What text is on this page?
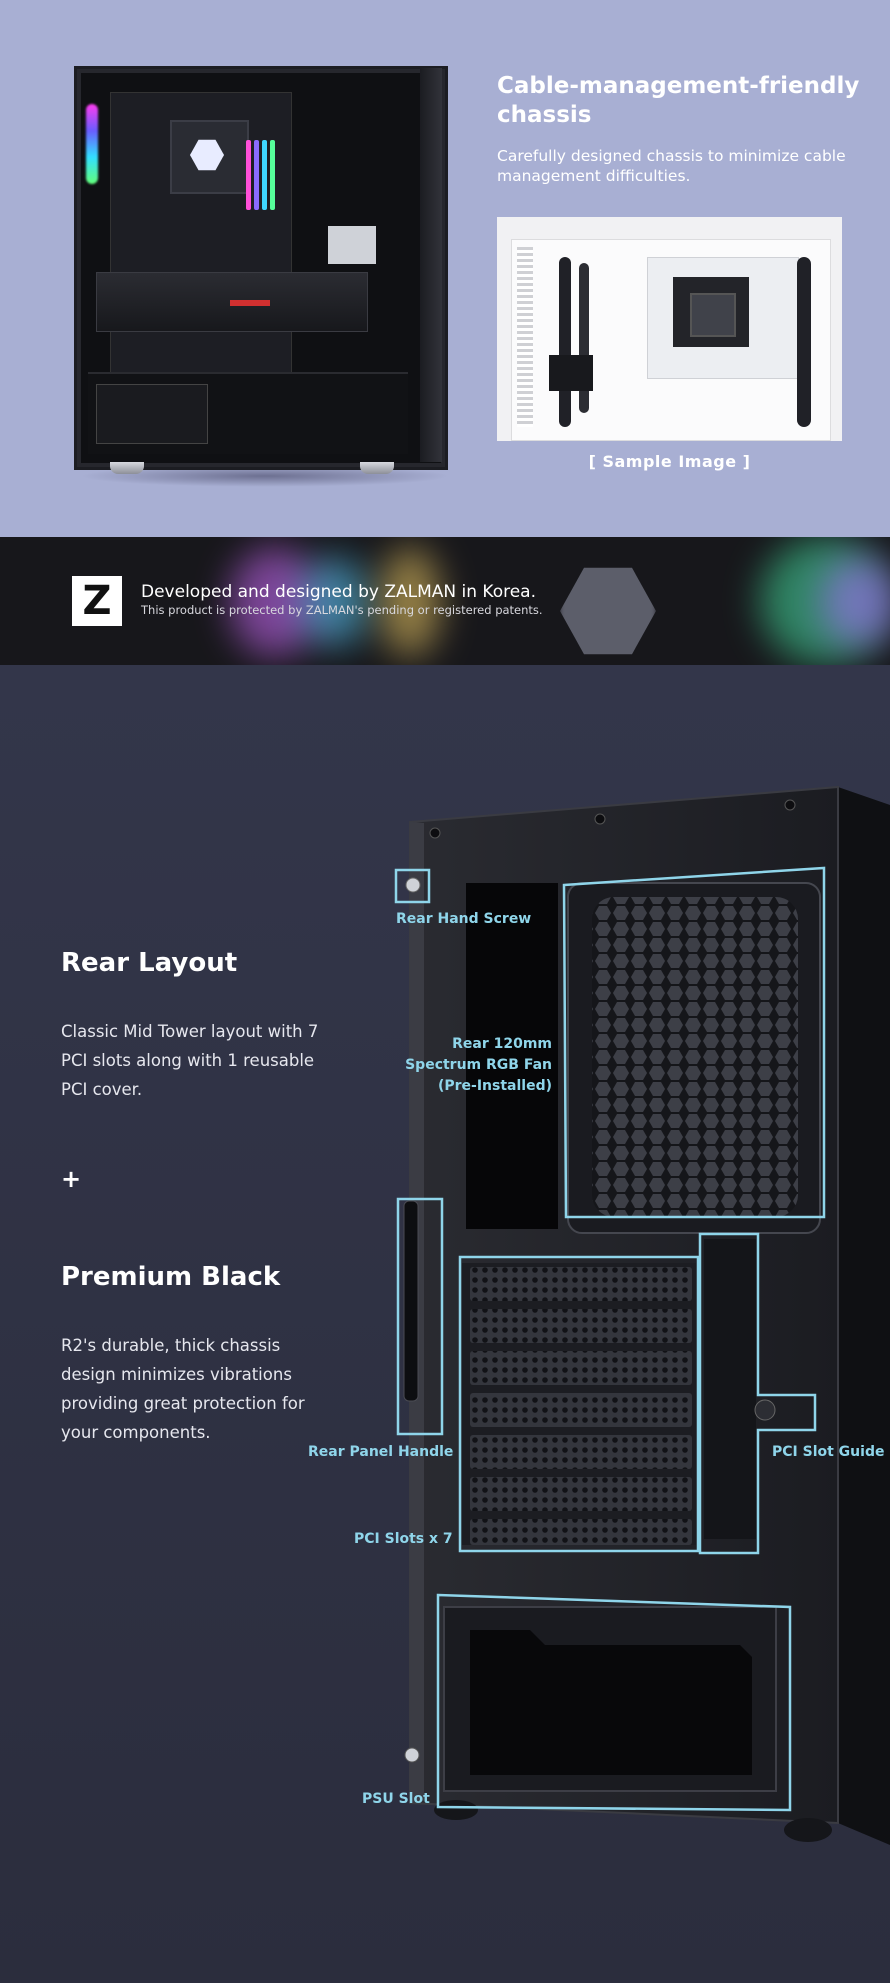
Cable-management-friendly chassis
Carefully designed chassis to minimize cable management difficulties.
[ Sample Image ]
Z	Developed and designed by ZALMAN in Korea.
This product is protected by ZALMAN's pending or registered patents.
Rear Layout
Classic Mid Tower layout with 7 PCI slots along with 1 reusable PCI cover.
+
Premium Black
R2's durable, thick chassis design minimizes vibrations providing great protection for your components.
Rear Hand Screw
Rear 120mm Spectrum RGB Fan (Pre-Installed)
Rear Panel Handle	PCI Slot Guide
PCI Slots x 7
PSU Slot
